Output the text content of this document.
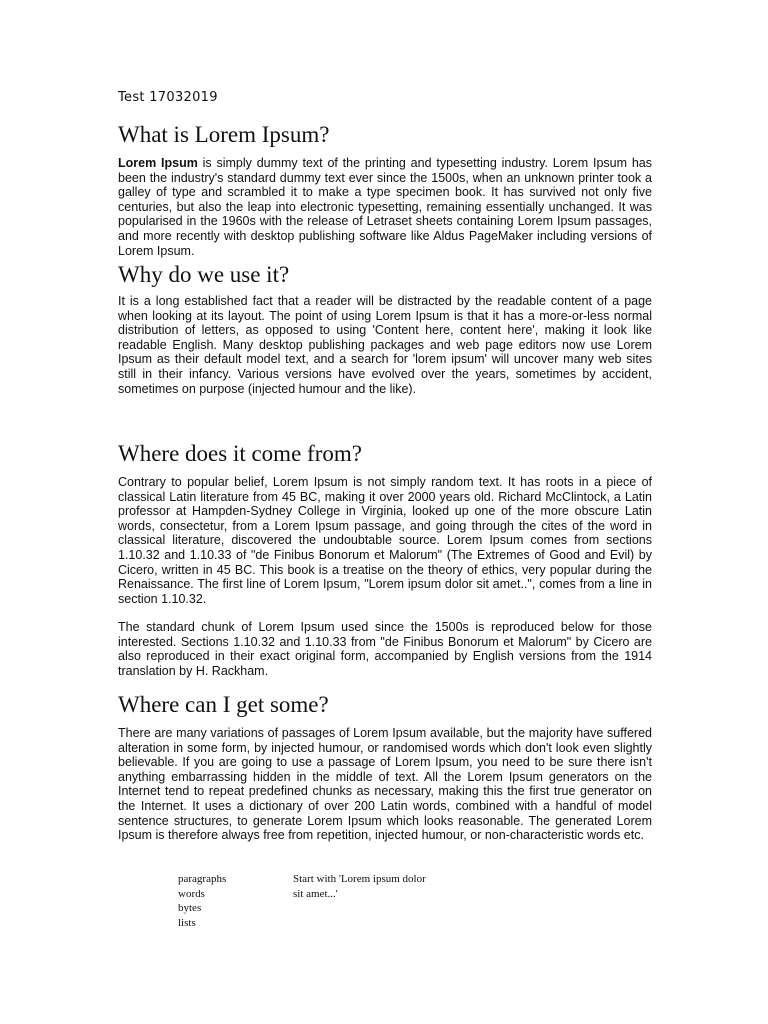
Test 17032019
What is Lorem Ipsum?

Lorem Ipsum is simply dummy text of the printing and typesetting industry. Lorem Ipsum has been the industry's standard dummy text ever since the 1500s, when an unknown printer took a galley of type and scrambled it to make a type specimen book. It has survived not only five centuries, but also the leap into electronic typesetting, remaining essentially unchanged. It was popularised in the 1960s with the release of Letraset sheets containing Lorem Ipsum passages, and more recently with desktop publishing software like Aldus PageMaker including versions of Lorem Ipsum.

Why do we use it?

It is a long established fact that a reader will be distracted by the readable content of a page when looking at its layout. The point of using Lorem Ipsum is that it has a more-or-less normal distribution of letters, as opposed to using 'Content here, content here', making it look like readable English. Many desktop publishing packages and web page editors now use Lorem Ipsum as their default model text, and a search for 'lorem ipsum' will uncover many web sites still in their infancy. Various versions have evolved over the years, sometimes by accident, sometimes on purpose (injected humour and the like).

Where does it come from?

Contrary to popular belief, Lorem Ipsum is not simply random text. It has roots in a piece of classical Latin literature from 45 BC, making it over 2000 years old. Richard McClintock, a Latin professor at Hampden-Sydney College in Virginia, looked up one of the more obscure Latin words, consectetur, from a Lorem Ipsum passage, and going through the cites of the word in classical literature, discovered the undoubtable source. Lorem Ipsum comes from sections 1.10.32 and 1.10.33 of "de Finibus Bonorum et Malorum" (The Extremes of Good and Evil) by Cicero, written in 45 BC. This book is a treatise on the theory of ethics, very popular during the Renaissance. The first line of Lorem Ipsum, "Lorem ipsum dolor sit amet..", comes from a line in section 1.10.32.

The standard chunk of Lorem Ipsum used since the 1500s is reproduced below for those interested. Sections 1.10.32 and 1.10.33 from "de Finibus Bonorum et Malorum" by Cicero are also reproduced in their exact original form, accompanied by English versions from the 1914 translation by H. Rackham.

Where can I get some?

There are many variations of passages of Lorem Ipsum available, but the majority have suffered alteration in some form, by injected humour, or randomised words which don't look even slightly believable. If you are going to use a passage of Lorem Ipsum, you need to be sure there isn't anything embarrassing hidden in the middle of text. All the Lorem Ipsum generators on the Internet tend to repeat predefined chunks as necessary, making this the first true generator on the Internet. It uses a dictionary of over 200 Latin words, combined with a handful of model sentence structures, to generate Lorem Ipsum which looks reasonable. The generated Lorem Ipsum is therefore always free from repetition, injected humour, or non-characteristic words etc.

paragraphs
words
bytes
lists
Start with 'Lorem ipsum dolor sit amet...'
